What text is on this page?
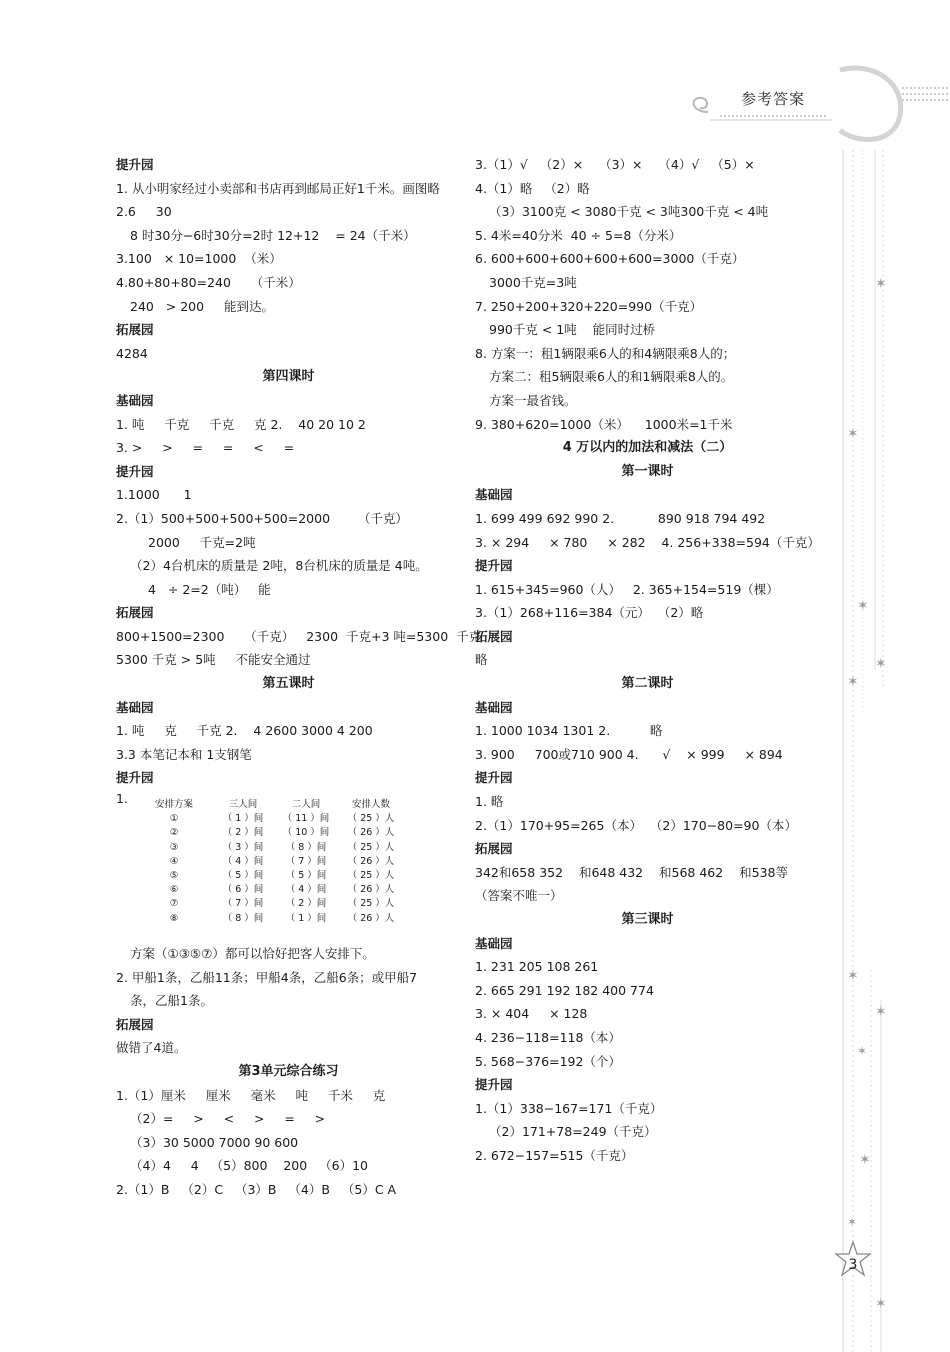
参考答案
✶
✶
✶
✶
✶
✶
✶
✶
✶
✶
✶
3
提升园
1. 从小明家经过小卖部和书店再到邮局正好1千米。画图略
2.6     30
8 时30分−6时30分=2时 12+12    = 24（千米）
3.100   × 10=1000  （米）
4.80+80+80=240     （千米）
240   > 200     能到达。
拓展园
4284
第四课时
基础园
1. 吨     千克     千克     克 2.    40 20 10 2
3. >     >     =     =     <     =
提升园
1.1000      1
2.（1）500+500+500+500=2000       （千克）
2000     千克=2吨
（2）4台机床的质量是 2吨，8台机床的质量是 4吨。
4   ÷ 2=2（吨）   能
拓展园
800+1500=2300     （千克）   2300  千克+3 吨=5300  千克
5300 千克 > 5吨     不能安全通过
第五课时
基础园
1. 吨     克     千克 2.    4 2600 3000 4 200
3.3 本笔记本和 1支钢笔
提升园
1.	安排方案	三人间	二人间	安排人数
①	（ 1 ）间	（ 11 ）间	（ 25 ）人
②	（ 2 ）间	（ 10 ）间	（ 26 ）人
③	（ 3 ）间	（ 8 ）间	（ 25 ）人
④	（ 4 ）间	（ 7 ）间	（ 26 ）人
⑤	（ 5 ）间	（ 5 ）间	（ 25 ）人
⑥	（ 6 ）间	（ 4 ）间	（ 26 ）人
⑦	（ 7 ）间	（ 2 ）间	（ 25 ）人
⑧	（ 8 ）间	（ 1 ）间	（ 26 ）人
方案（①③⑤⑦）都可以恰好把客人安排下。
2. 甲船1条，乙船11条；甲船4条，乙船6条；或甲船7
条，乙船1条。
拓展园
做错了4道。
第3单元综合练习
1.（1）厘米     厘米     毫米     吨     千米     克
（2）=     >     <     >     =     >
（3）30 5000 7000 90 600
（4）4     4   （5）800    200   （6）10
2.（1）B   （2）C   （3）B   （4）B   （5）C A
3.（1）√   （2）×    （3）×    （4）√   （5）×
4.（1）略   （2）略
（3）3100克 < 3080千克 < 3吨300千克 < 4吨
5. 4米=40分米  40 ÷ 5=8（分米）
6. 600+600+600+600+600=3000（千克）
3000千克=3吨
7. 250+200+320+220=990（千克）
990千克 < 1吨    能同时过桥
8. 方案一：租1辆限乘6人的和4辆限乘8人的；
方案二：租5辆限乘6人的和1辆限乘8人的。
方案一最省钱。
9. 380+620=1000（米）    1000米=1千米
4 万以内的加法和减法（二）
第一课时
基础园
1. 699 499 692 990 2.           890 918 794 492
3. × 294     × 780     × 282    4. 256+338=594（千克）
提升园
1. 615+345=960（人）   2. 365+154=519（棵）
3.（1）268+116=384（元）  （2）略
拓展园
略
第二课时
基础园
1. 1000 1034 1301 2.          略
3. 900     700或710 900 4.      √    × 999     × 894
提升园
1. 略
2.（1）170+95=265（本）  （2）170−80=90（本）
拓展园
342和658 352    和648 432    和568 462    和538等
（答案不唯一）
第三课时
基础园
1. 231 205 108 261
2. 665 291 192 182 400 774
3. × 404     × 128
4. 236−118=118（本）
5. 568−376=192（个）
提升园
1.（1）338−167=171（千克）
（2）171+78=249（千克）
2. 672−157=515（千克）
